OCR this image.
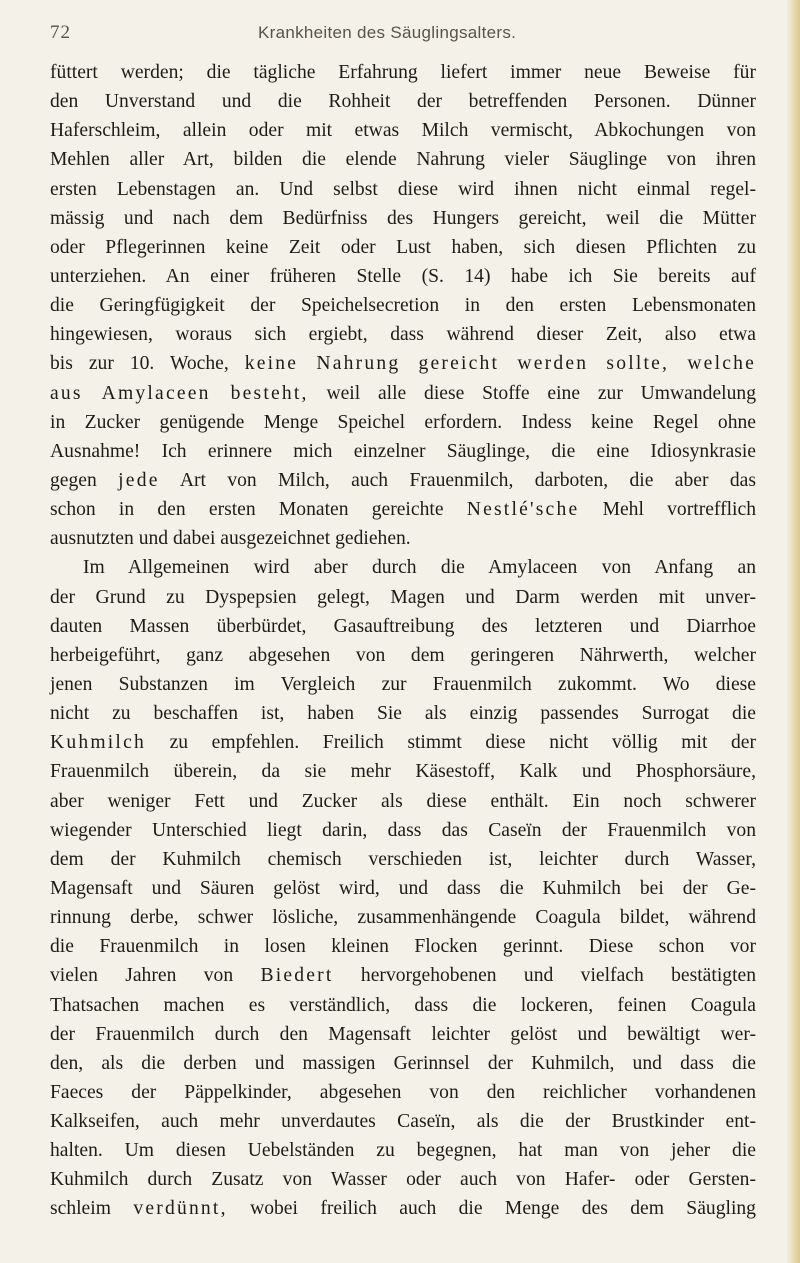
72	Krankheiten des Säuglingsalters.
füttert werden; die tägliche Erfahrung liefert immer neue Beweise für
den Unverstand und die Rohheit der betreffenden Personen. Dünner
Haferschleim, allein oder mit etwas Milch vermischt, Abkochungen von
Mehlen aller Art, bilden die elende Nahrung vieler Säuglinge von ihren
ersten Lebenstagen an. Und selbst diese wird ihnen nicht einmal regel-
mässig und nach dem Bedürfniss des Hungers gereicht, weil die Mütter
oder Pflegerinnen keine Zeit oder Lust haben, sich diesen Pflichten zu
unterziehen. An einer früheren Stelle (S. 14) habe ich Sie bereits auf
die Geringfügigkeit der Speichelsecretion in den ersten Lebensmonaten
hingewiesen, woraus sich ergiebt, dass während dieser Zeit, also etwa
bis zur 10. Woche, keine Nahrung gereicht werden sollte, welche
aus Amylaceen besteht, weil alle diese Stoffe eine zur Umwandelung
in Zucker genügende Menge Speichel erfordern. Indess keine Regel ohne
Ausnahme! Ich erinnere mich einzelner Säuglinge, die eine Idiosynkrasie
gegen jede Art von Milch, auch Frauenmilch, darboten, die aber das
schon in den ersten Monaten gereichte Nestlé'sche Mehl vortrefflich
ausnutzten und dabei ausgezeichnet gediehen.
Im Allgemeinen wird aber durch die Amylaceen von Anfang an
der Grund zu Dyspepsien gelegt, Magen und Darm werden mit unver-
dauten Massen überbürdet, Gasauftreibung des letzteren und Diarrhoe
herbeigeführt, ganz abgesehen von dem geringeren Nährwerth, welcher
jenen Substanzen im Vergleich zur Frauenmilch zukommt. Wo diese
nicht zu beschaffen ist, haben Sie als einzig passendes Surrogat die
Kuhmilch zu empfehlen. Freilich stimmt diese nicht völlig mit der
Frauenmilch überein, da sie mehr Käsestoff, Kalk und Phosphorsäure,
aber weniger Fett und Zucker als diese enthält. Ein noch schwerer
wiegender Unterschied liegt darin, dass das Caseïn der Frauenmilch von
dem der Kuhmilch chemisch verschieden ist, leichter durch Wasser,
Magensaft und Säuren gelöst wird, und dass die Kuhmilch bei der Ge-
rinnung derbe, schwer lösliche, zusammenhängende Coagula bildet, während
die Frauenmilch in losen kleinen Flocken gerinnt. Diese schon vor
vielen Jahren von Biedert hervorgehobenen und vielfach bestätigten
Thatsachen machen es verständlich, dass die lockeren, feinen Coagula
der Frauenmilch durch den Magensaft leichter gelöst und bewältigt wer-
den, als die derben und massigen Gerinnsel der Kuhmilch, und dass die
Faeces der Päppelkinder, abgesehen von den reichlicher vorhandenen
Kalkseifen, auch mehr unverdautes Caseïn, als die der Brustkinder ent-
halten. Um diesen Uebelständen zu begegnen, hat man von jeher die
Kuhmilch durch Zusatz von Wasser oder auch von Hafer- oder Gersten-
schleim verdünnt, wobei freilich auch die Menge des dem Säugling
